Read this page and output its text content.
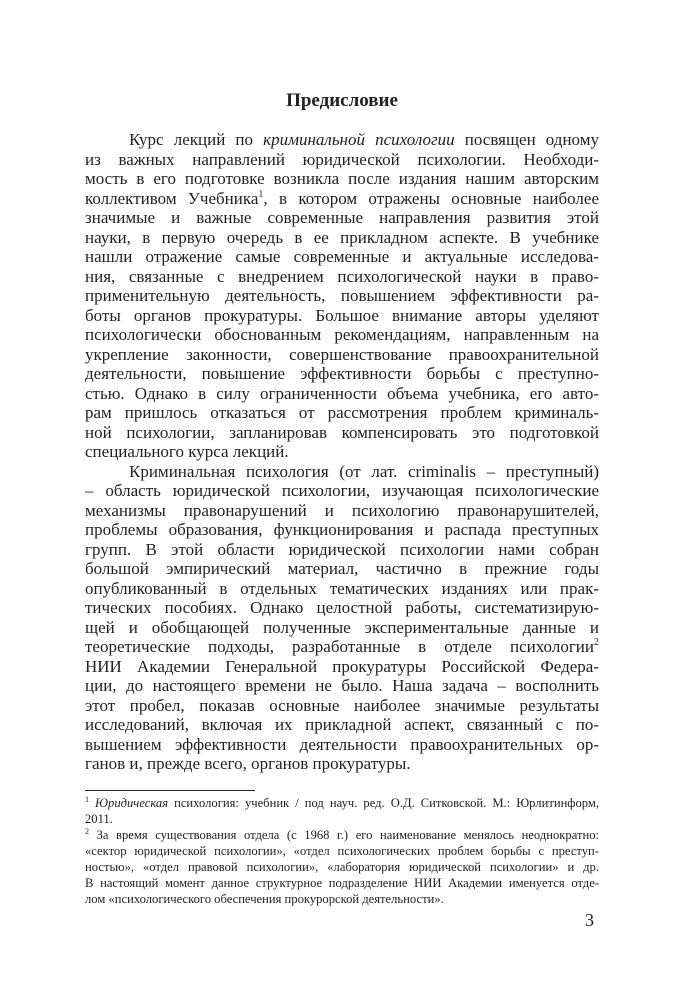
Предисловие
Курс лекций по криминальной психологии посвящен одному
из важных направлений юридической психологии. Необходи-
мость в его подготовке возникла после издания нашим авторским
коллективом Учебника$^1$, в котором отражены основные наиболее
значимые и важные современные направления развития этой
науки, в первую очередь в ее прикладном аспекте. В учебнике
нашли отражение самые современные и актуальные исследова-
ния, связанные с внедрением психологической науки в право-
применительную деятельность, повышением эффективности ра-
боты органов прокуратуры. Большое внимание авторы уделяют
психологически обоснованным рекомендациям, направленным на
укрепление законности, совершенствование правоохранительной
деятельности, повышение эффективности борьбы с преступно-
стью. Однако в силу ограниченности объема учебника, его авто-
рам пришлось отказаться от рассмотрения проблем криминаль-
ной психологии, запланировав компенсировать это подготовкой
специального курса лекций.
Криминальная психология (от лат. criminalis – преступный)
– область юридической психологии, изучающая психологические
механизмы правонарушений и психологию правонарушителей,
проблемы образования, функционирования и распада преступных
групп. В этой области юридической психологии нами собран
большой эмпирический материал, частично в прежние годы
опубликованный в отдельных тематических изданиях или прак-
тических пособиях. Однако целостной работы, систематизирую-
щей и обобщающей полученные экспериментальные данные и
теоретические подходы, разработанные в отделе психологии$^2$
НИИ Академии Генеральной прокуратуры Российской Федера-
ции, до настоящего времени не было. Наша задача – восполнить
этот пробел, показав основные наиболее значимые результаты
исследований, включая их прикладной аспект, связанный с по-
вышением эффективности деятельности правоохранительных ор-
ганов и, прежде всего, органов прокуратуры.
$^1$ Юридическая психология: учебник / под науч. ред. О.Д. Ситковской. М.: Юрлитинформ,
2011.
$^2$ За время существования отдела (с 1968 г.) его наименование менялось неоднократно:
«сектор юридической психологии», «отдел психологических проблем борьбы с преступ-
ностью», «отдел правовой психологии», «лаборатория юридической психологии» и др.
В настоящий момент данное структурное подразделение НИИ Академии именуется отде-
лом «психологического обеспечения прокурорской деятельности».
3
